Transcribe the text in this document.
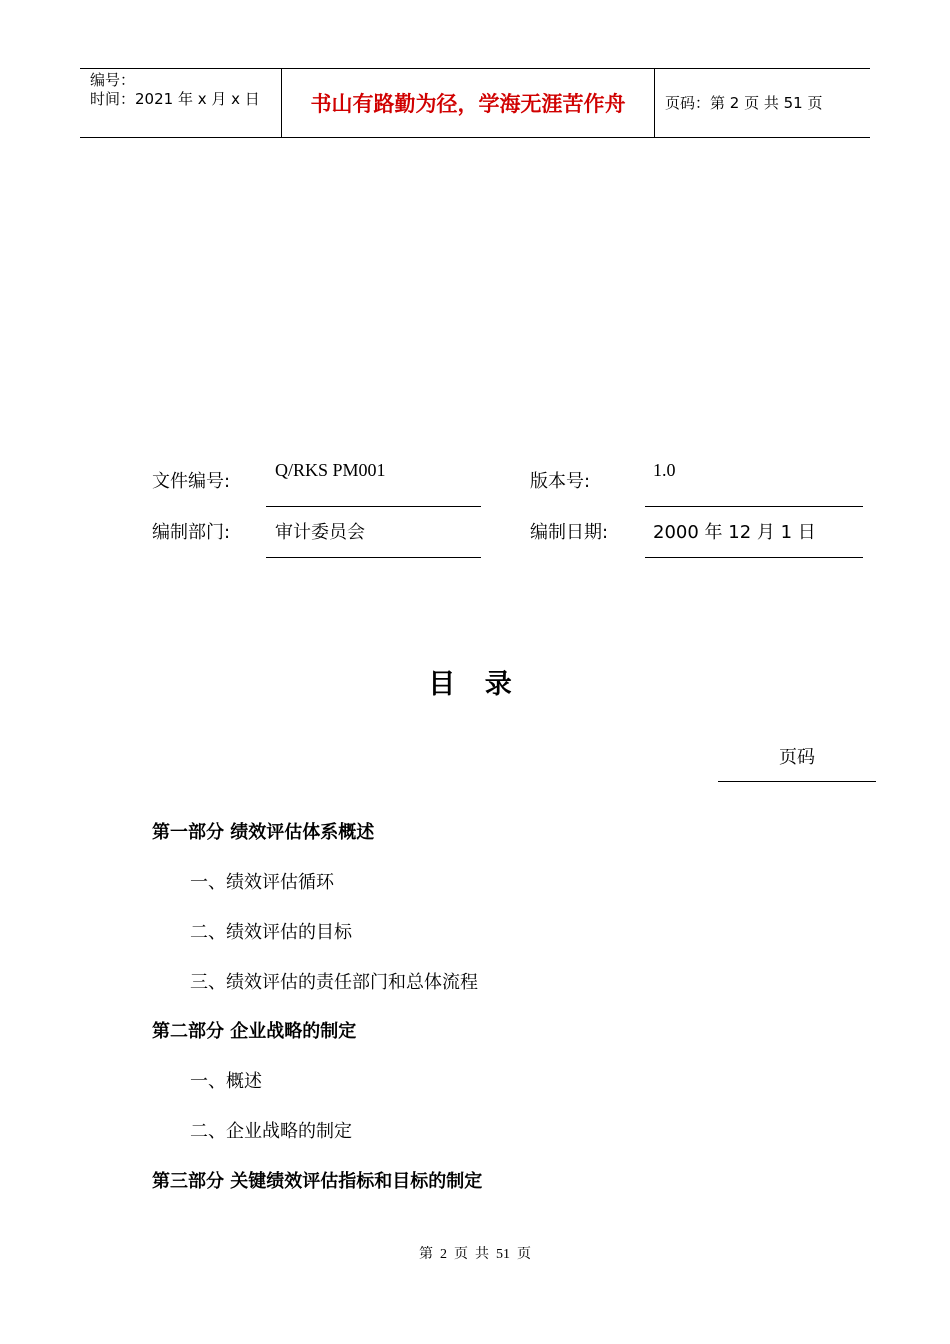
编号：
时间：2021 年 x 月 x 日	书山有路勤为径，学海无涯苦作舟	页码：第 2 页 共 51 页
文件编号:
Q/RKS PM001
版本号:
1.0
编制部门: 审计委员会	编制日期: 2000 年 12 月 1 日
目 录
页码
第一部分 绩效评估体系概述
一、绩效评估循环
二、绩效评估的目标
三、绩效评估的责任部门和总体流程
第二部分 企业战略的制定
一、概述
二、企业战略的制定
第三部分 关键绩效评估指标和目标的制定
第  2  页  共  51  页
